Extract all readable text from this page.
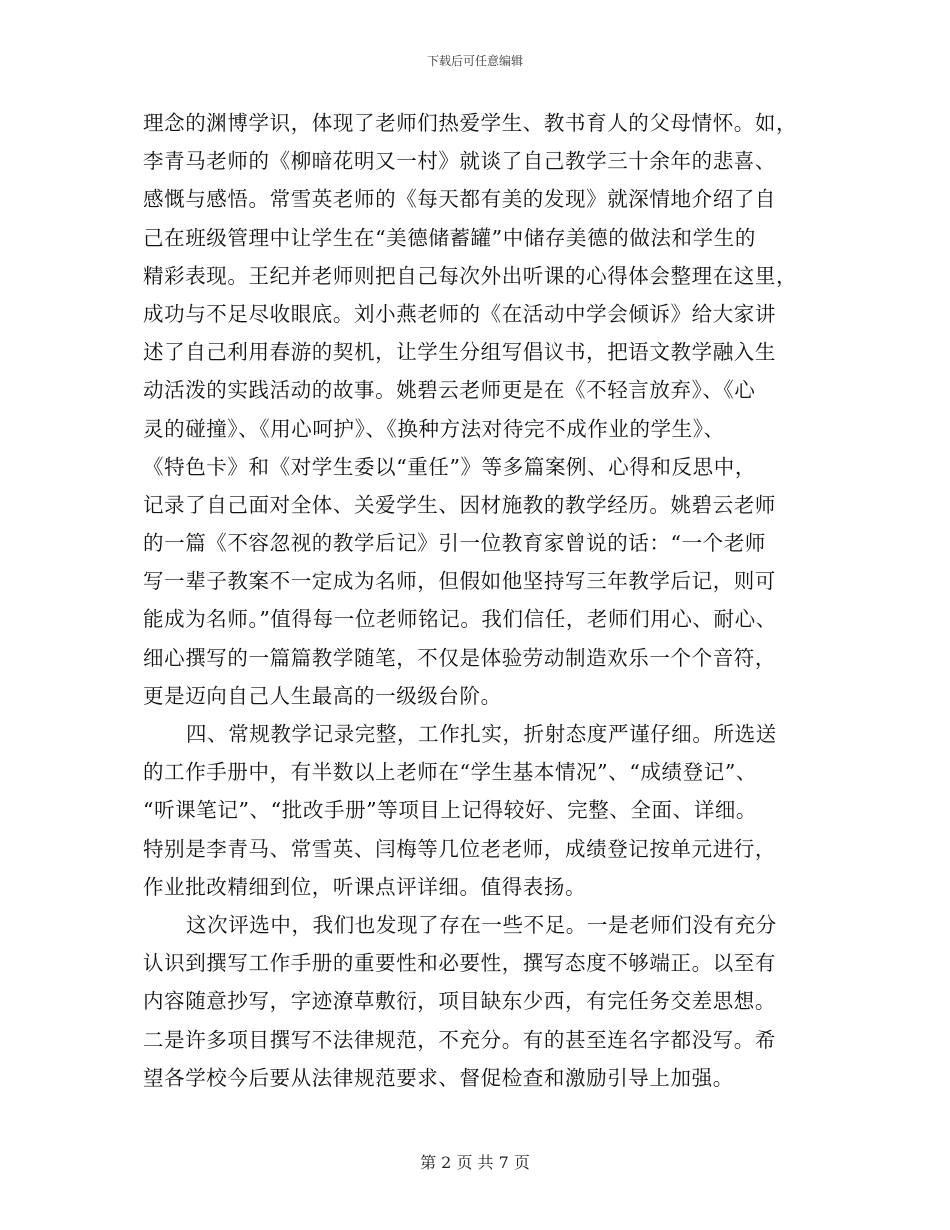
下载后可任意编辑
理念的渊博学识，体现了老师们热爱学生、教书育人的父母情怀。如，
李青马老师的《柳暗花明又一村》就谈了自己教学三十余年的悲喜、
感慨与感悟。常雪英老师的《每天都有美的发现》就深情地介绍了自
己在班级管理中让学生在“美德储蓄罐”中储存美德的做法和学生的
精彩表现。王纪并老师则把自己每次外出听课的心得体会整理在这里，
成功与不足尽收眼底。刘小燕老师的《在活动中学会倾诉》给大家讲
述了自己利用春游的契机，让学生分组写倡议书，把语文教学融入生
动活泼的实践活动的故事。姚碧云老师更是在《不轻言放弃》、《心
灵的碰撞》、《用心呵护》、《换种方法对待完不成作业的学生》、
《特色卡》和《对学生委以“重任”》等多篇案例、心得和反思中，
记录了自己面对全体、关爱学生、因材施教的教学经历。姚碧云老师
的一篇《不容忽视的教学后记》引一位教育家曾说的话：“一个老师
写一辈子教案不一定成为名师，但假如他坚持写三年教学后记，则可
能成为名师。”值得每一位老师铭记。我们信任，老师们用心、耐心、
细心撰写的一篇篇教学随笔，不仅是体验劳动制造欢乐一个个音符，
更是迈向自己人生最高的一级级台阶。
四、常规教学记录完整，工作扎实，折射态度严谨仔细。所选送
的工作手册中，有半数以上老师在“学生基本情况”、“成绩登记”、
“听课笔记”、“批改手册”等项目上记得较好、完整、全面、详细。
特别是李青马、常雪英、闫梅等几位老老师，成绩登记按单元进行，
作业批改精细到位，听课点评详细。值得表扬。
这次评选中，我们也发现了存在一些不足。一是老师们没有充分
认识到撰写工作手册的重要性和必要性，撰写态度不够端正。以至有
内容随意抄写，字迹潦草敷衍，项目缺东少西，有完任务交差思想。
二是许多项目撰写不法律规范，不充分。有的甚至连名字都没写。希
望各学校今后要从法律规范要求、督促检查和激励引导上加强。
第 2 页 共 7 页
